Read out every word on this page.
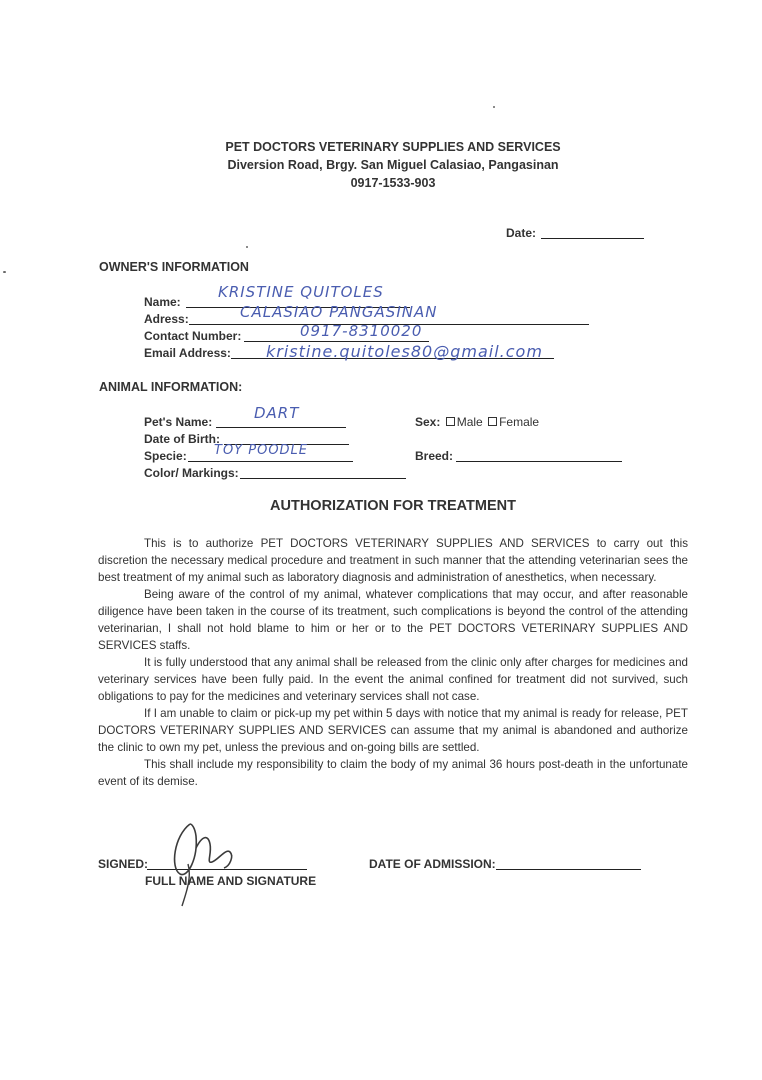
PET DOCTORS VETERINARY SUPPLIES AND SERVICES
Diversion Road, Brgy. San Miguel Calasiao, Pangasinan
0917-1533-903
Date:
OWNER'S INFORMATION
Name:
KRISTINE QUITOLES
Adress:	CALASIAO PANGASINAN
Contact Number:	0917-8310020
Email Address: kristine.quitoles80@gmail.com
ANIMAL INFORMATION:
Pet's Name:	DART
Date of Birth:
Specie: TOY POODLE
Color/ Markings:
Sex: Male Female
Breed:
AUTHORIZATION FOR TREATMENT

This is to authorize PET DOCTORS VETERINARY SUPPLIES AND SERVICES to carry out this discretion the necessary medical procedure and treatment in such manner that the attending veterinarian sees the best treatment of my animal such as laboratory diagnosis and administration of anesthetics, when necessary.

Being aware of the control of my animal, whatever complications that may occur, and after reasonable diligence have been taken in the course of its treatment, such complications is beyond the control of the attending veterinarian, I shall not hold blame to him or her or to the PET DOCTORS VETERINARY SUPPLIES AND SERVICES staffs.

It is fully understood that any animal shall be released from the clinic only after charges for medicines and veterinary services have been fully paid. In the event the animal confined for treatment did not survived, such obligations to pay for the medicines and veterinary services shall not case.

If I am unable to claim or pick-up my pet within 5 days with notice that my animal is ready for release, PET DOCTORS VETERINARY SUPPLIES AND SERVICES can assume that my animal is abandoned and authorize the clinic to own my pet, unless the previous and on-going bills are settled.

This shall include my responsibility to claim the body of my animal 36 hours post-death in the unfortunate event of its demise.

SIGNED:
FULL NAME AND SIGNATURE
DATE OF ADMISSION:
